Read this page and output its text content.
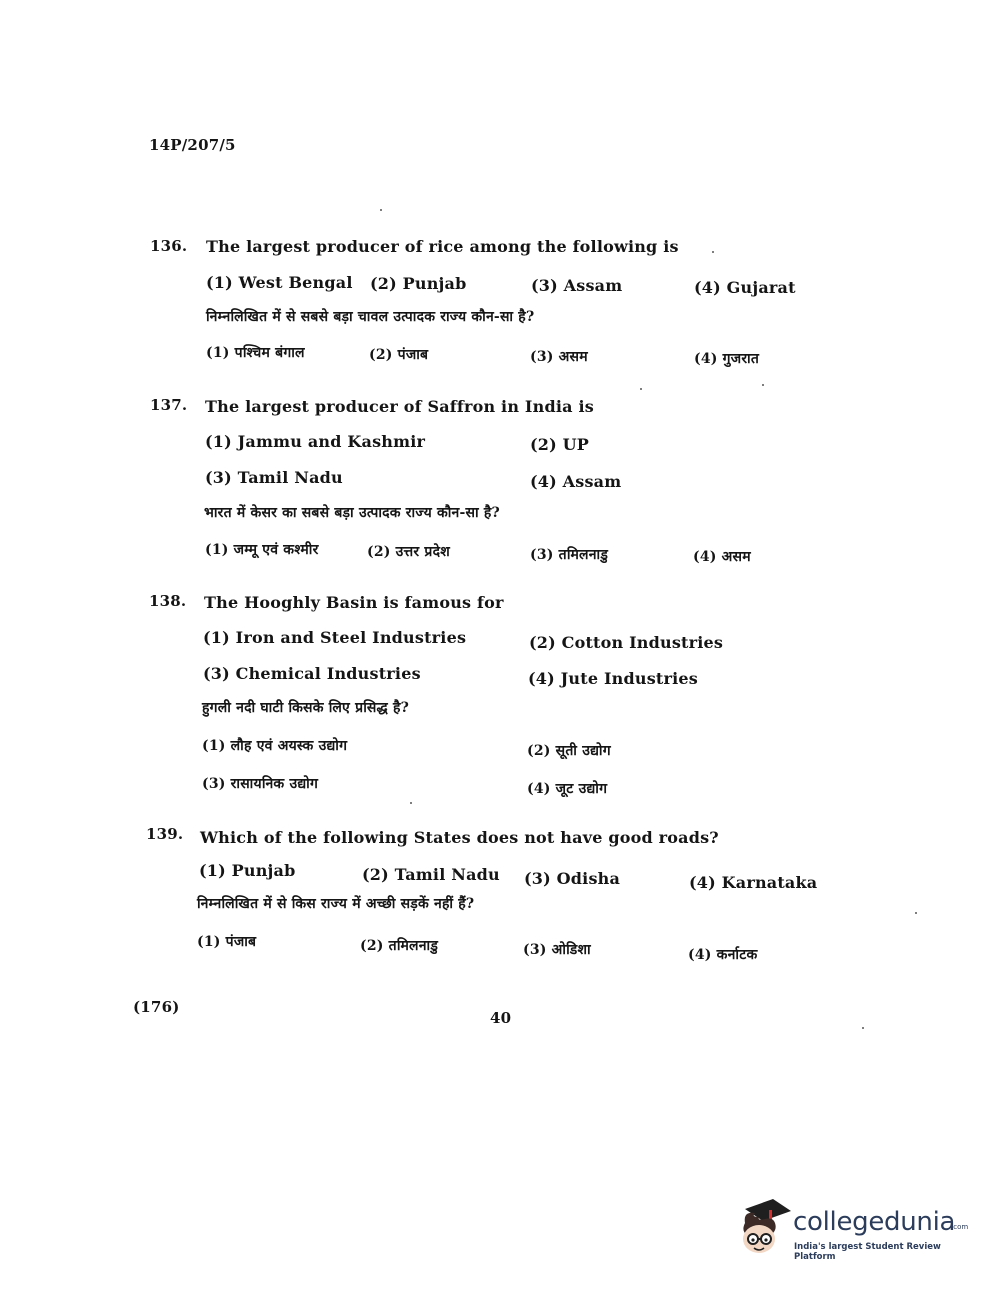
14P/207/5
136. The largest producer of rice among the following is
(1) West Bengal (2) Punjab	(3) Assam	(4) Gujarat
निम्नलिखित में से सबसे बड़ा चावल उत्पादक राज्य कौन-सा है?
(1) पश्चिम बंगाल	(2) पंजाब	(3) असम	(4) गुजरात
137. The largest producer of Saffron in India is
(1) Jammu and Kashmir	(2) UP
(3) Tamil Nadu	(4) Assam
भारत में केसर का सबसे बड़ा उत्पादक राज्य कौन-सा है?
(1) जम्मू एवं कश्मीर	(2) उत्तर प्रदेश	(3) तमिलनाडु	(4) असम
138. The Hooghly Basin is famous for
(1) Iron and Steel Industries	(2) Cotton Industries
(3) Chemical Industries	(4) Jute Industries
हुगली नदी घाटी किसके लिए प्रसिद्ध है?
(1) लौह एवं अयस्क उद्योग	(2) सूती उद्योग
(3) रासायनिक उद्योग	(4) जूट उद्योग
139. Which of the following States does not have good roads?
(1) Punjab	(2) Tamil Nadu (3) Odisha	(4) Karnataka
निम्नलिखित में से किस राज्य में अच्छी सड़कें नहीं हैं?
(1) पंजाब	(2) तमिलनाडु	(3) ओडिशा	(4) कर्नाटक
(176)
40
collegedunia
.com
India's largest Student Review Platform
